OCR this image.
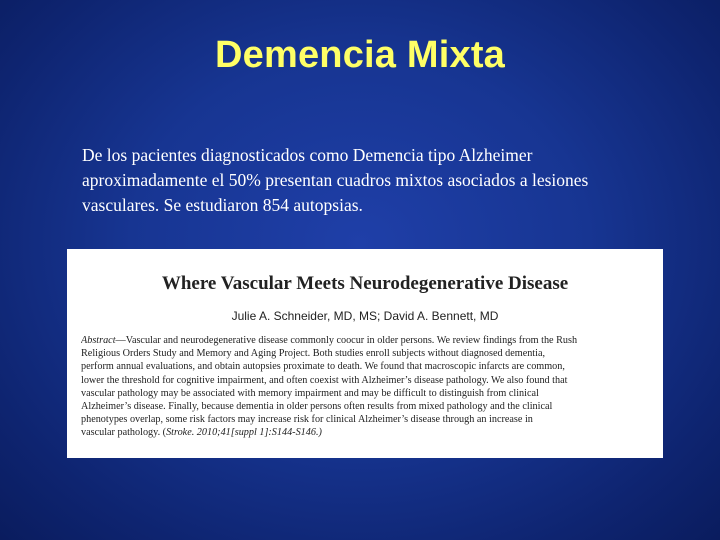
Demencia Mixta

De los pacientes diagnosticados como Demencia tipo Alzheimer
aproximadamente el 50% presentan cuadros mixtos asociados a lesiones
vasculares. Se estudiaron 854 autopsias.

Where Vascular Meets Neurodegenerative Disease
Julie A. Schneider, MD, MS; David A. Bennett, MD

Abstract—Vascular and neurodegenerative disease commonly coocur in older persons. We review findings from the Rush
Religious Orders Study and Memory and Aging Project. Both studies enroll subjects without diagnosed dementia,
perform annual evaluations, and obtain autopsies proximate to death. We found that macroscopic infarcts are common,
lower the threshold for cognitive impairment, and often coexist with Alzheimer’s disease pathology. We also found that
vascular pathology may be associated with memory impairment and may be difficult to distinguish from clinical
Alzheimer’s disease. Finally, because dementia in older persons often results from mixed pathology and the clinical
phenotypes overlap, some risk factors may increase risk for clinical Alzheimer’s disease through an increase in
vascular pathology. (Stroke. 2010;41[suppl 1]:S144-S146.)
